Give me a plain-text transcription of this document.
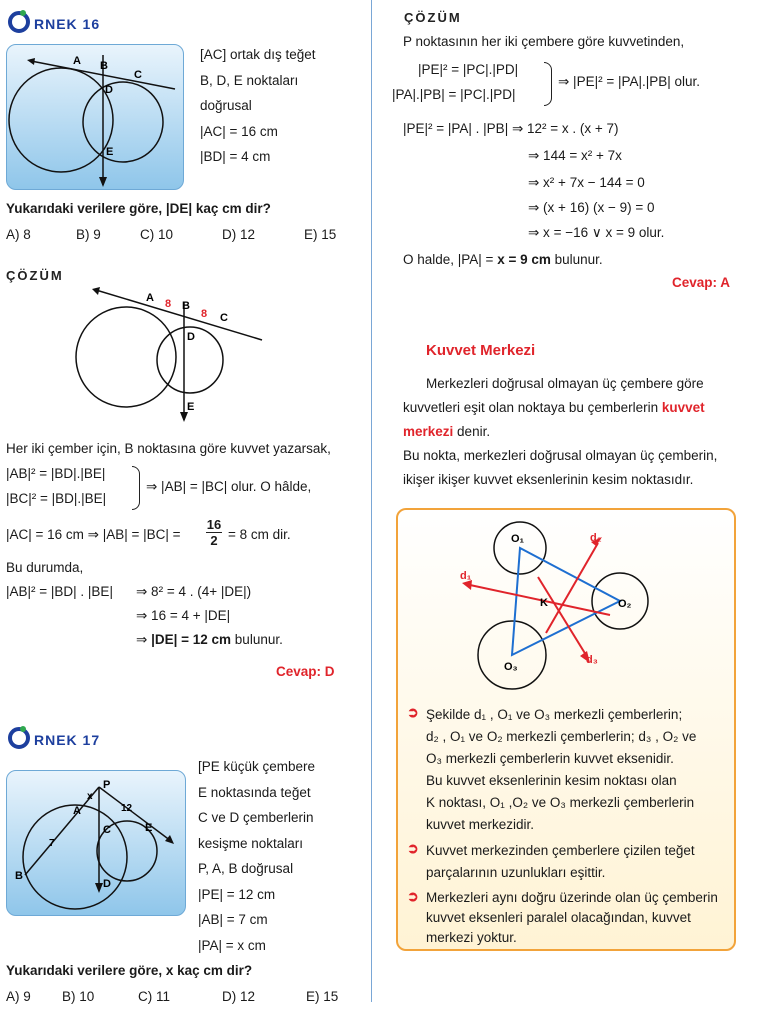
RNEK 16
A B
C
D
E
[AC] ortak dış teğet
B, D, E noktaları
doğrusal
|AC| = 16 cm
|BD| = 4 cm
Yukarıdaki verilere göre, |DE| kaç cm dir?
A) 8	B) 9	C) 10	D) 12	E) 15
ÇÖZÜM
A 8 B
8 C
D
E
Her iki çember için, B noktasına göre kuvvet yazarsak,
|AB|² = |BD|.|BE|
|BC|² = |BD|.|BE|
⇒ |AB| = |BC| olur. O hâlde,
|AC| = 16 cm ⇒ $|AB| = |BC| = \frac{16}{2} = 8$ cm dir.
Bu durumda,
|AB|² = |BD| . |BE| ⇒ 8² = 4 . (4+ |DE|)
⇒ 16 = 4 + |DE|
⇒ |DE| = 12 cm bulunur.
Cevap: D
RNEK 17
P
x
12
A
C	E
7
B
D
[PE küçük çembere
E noktasında teğet
C ve D çemberlerin
kesişme noktaları
P, A, B doğrusal
|PE| = 12 cm
|AB| = 7 cm
|PA| = x cm
Yukarıdaki verilere göre, x kaç cm dir?
A) 9 B) 10	C) 11	D) 12	E) 15
ÇÖZÜM
P noktasının her iki çembere göre kuvvetinden,
|PE|² = |PC|.|PD|
|PA|.|PB| = |PC|.|PD|
⇒ |PE|² = |PA|.|PB| olur.
|PE|² = |PA| . |PB| ⇒ 12² = x . (x + 7)
⇒ 144 = x² + 7x
⇒ x² + 7x − 144 = 0
⇒ (x + 16) (x − 9) = 0
⇒ x = −16 ∨ x = 9 olur.
O halde, |PA| = x = 9 cm bulunur.
Cevap: A
Kuvvet Merkezi
Merkezleri doğrusal olmayan üç çembere göre
kuvvetleri eşit olan noktaya bu çemberlerin kuvvet
merkezi denir.
Bu nokta, merkezleri doğrusal olmayan üç çemberin,
ikişer ikişer kuvvet eksenlerinin kesim noktasıdır.
O₁
O₂
O₃
K
d₁
d₂
d₃
➲ Şekilde d₁ , O₁ ve O₃ merkezli çemberlerin;
d₂ , O₁ ve O₂ merkezli çemberlerin; d₃ , O₂ ve
O₃ merkezli çemberlerin kuvvet eksenidir.
Bu kuvvet eksenlerinin kesim noktası olan
K noktası, O₁ ,O₂ ve O₃ merkezli çemberlerin
kuvvet merkezidir.
➲ Kuvvet merkezinden çemberlere çizilen teğet
parçalarının uzunlukları eşittir.
➲ Merkezleri aynı doğru üzerinde olan üç çemberin
kuvvet eksenleri paralel olacağından, kuvvet
merkezi yoktur.
